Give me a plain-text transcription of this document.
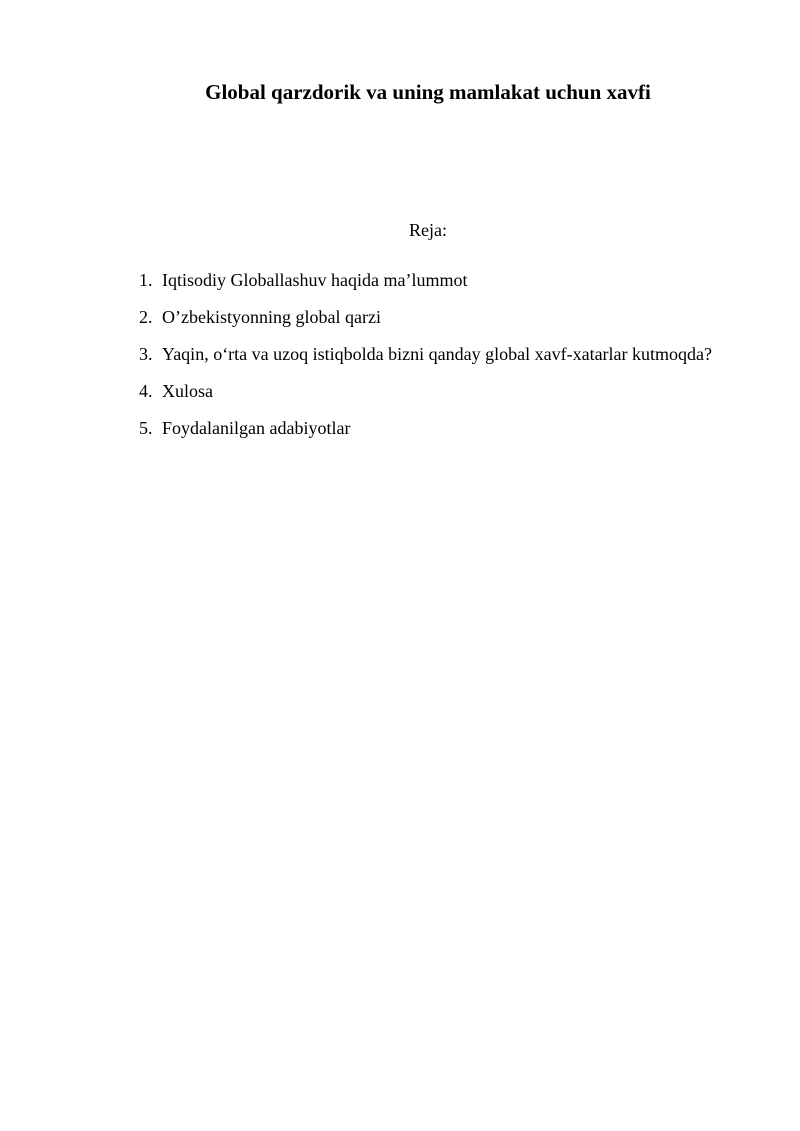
Global qarzdorik va uning mamlakat uchun xavfi

Reja:

1. Iqtisodiy Globallashuv haqida ma’lummot
2. O’zbekistyonning global qarzi
3. Yaqin, o‘rta va uzoq istiqbolda bizni qanday global xavf-xatarlar kutmoqda?
4. Xulosa
5. Foydalanilgan adabiyotlar
